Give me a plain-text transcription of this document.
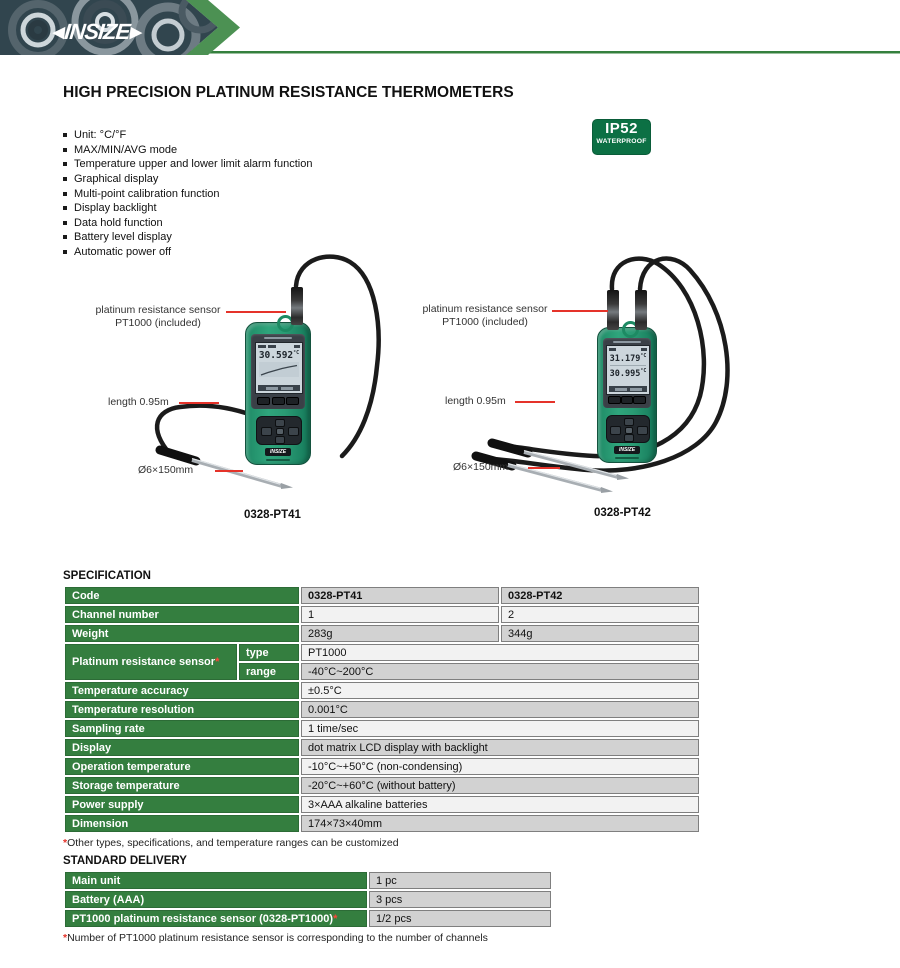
◀
INSIZE
▶
HIGH PRECISION PLATINUM RESISTANCE THERMOMETERS
Unit: °C/°F
MAX/MIN/AVG mode
Temperature upper and lower limit alarm function
Graphical display
Multi-point calibration function
Display backlight
Data hold function
Battery level display
Automatic power off
IP52
WATERPROOF
$30.592^{^\circ C}$
INSIZE
$31.179^{^\circ C}$
$30.995^{^\circ C}$
INSIZE
platinum resistance sensor
PT1000 (included)
length 0.95m
Ø6×150mm
0328-PT41
platinum resistance sensor
PT1000 (included)
length 0.95m
Ø6×150mm
0328-PT42
SPECIFICATION
Code		0328-PT41	0328-PT42
Channel number		1	2
Weight		283g	344g
Platinum resistance sensor*	type	PT1000	
	range	-40°C~200°C	
Temperature accuracy		±0.5°C	
Temperature resolution		0.001°C	
Sampling rate		1 time/sec	
Display		dot matrix LCD display with backlight	
Operation temperature		-10°C~+50°C (non-condensing)	
Storage temperature		-20°C~+60°C (without battery)	
Power supply		3×AAA alkaline batteries	
Dimension		174×73×40mm	
*Other types, specifications, and temperature ranges can be customized
STANDARD DELIVERY
Main unit	1 pc
Battery (AAA)	3 pcs
PT1000 platinum resistance sensor (0328-PT1000)*	1/2 pcs
*Number of PT1000 platinum resistance sensor is corresponding to the number of channels
